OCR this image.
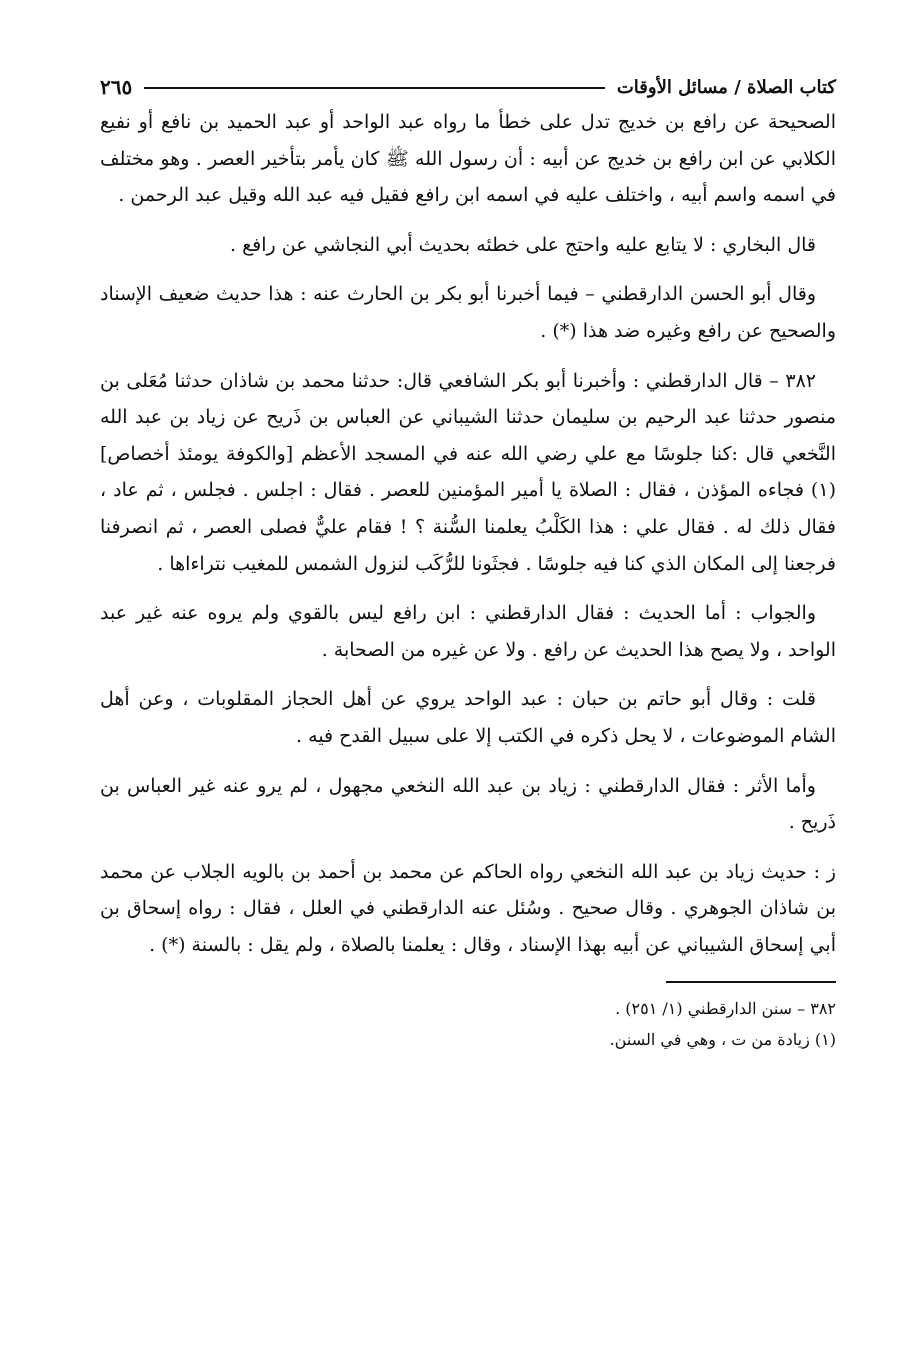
كتاب الصلاة / مسائل الأوقات
٢٦٥

الصحيحة عن رافع بن خديج تدل على خطأ ما رواه عبد الواحد أو عبد الحميد بن نافع أو نفيع الكلابي عن ابن رافع بن خديج عن أبيه : أن رسول الله ﷺ كان يأمر بتأخير العصر . وهو مختلف في اسمه واسم أبيه ، واختلف عليه في اسمه ابن رافع فقيل فيه عبد الله وقيل عبد الرحمن .

قال البخاري : لا يتابع عليه واحتج على خطئه بحديث أبي النجاشي عن رافع .

وقال أبو الحسن الدارقطني – فيما أخبرنا أبو بكر بن الحارث عنه : هذا حديث ضعيف الإسناد والصحيح عن رافع وغيره ضد هذا (*) .

٣٨٢ – قال الدارقطني : وأخبرنا أبو بكر الشافعي قال: حدثنا محمد بن شاذان حدثنا مُعَلى بن منصور حدثنا عبد الرحيم بن سليمان حدثنا الشيباني عن العباس بن ذَريح عن زياد بن عبد الله النَّخعي قال :كنا جلوسًا مع علي رضي الله عنه في المسجد الأعظم [والكوفة يومئذ أخصاص] (١) فجاءه المؤذن ، فقال : الصلاة يا أمير المؤمنين للعصر . فقال : اجلس . فجلس ، ثم عاد ، فقال ذلك له . فقال علي : هذا الكَلْبُ يعلمنا السُّنة ؟ ! فقام عليٌّ فصلى العصر ، ثم انصرفنا فرجعنا إلى المكان الذي كنا فيه جلوسًا . فجثَونا للرُّكَب لنزول الشمس للمغيب نتراءاها .

والجواب : أما الحديث : فقال الدارقطني : ابن رافع ليس بالقوي ولم يروه عنه غير عبد الواحد ، ولا يصح هذا الحديث عن رافع . ولا عن غيره من الصحابة .

قلت : وقال أبو حاتم بن حبان : عبد الواحد يروي عن أهل الحجاز المقلوبات ، وعن أهل الشام الموضوعات ، لا يحل ذكره في الكتب إلا على سبيل القدح فيه .

وأما الأثر : فقال الدارقطني : زياد بن عبد الله النخعي مجهول ، لم يرو عنه غير العباس بن ذَريح .

ز : حديث زياد بن عبد الله النخعي رواه الحاكم عن محمد بن أحمد بن بالويه الجلاب عن محمد بن شاذان الجوهري . وقال صحيح . وسُئل عنه الدارقطني في العلل ، فقال : رواه إسحاق بن أبي إسحاق الشيباني عن أبيه بهذا الإسناد ، وقال : يعلمنا بالصلاة ، ولم يقل : بالسنة (*) .

٣٨٢ – سنن الدارقطني (١/ ٢٥١) .

(١) زيادة من ت ، وهي في السنن.
